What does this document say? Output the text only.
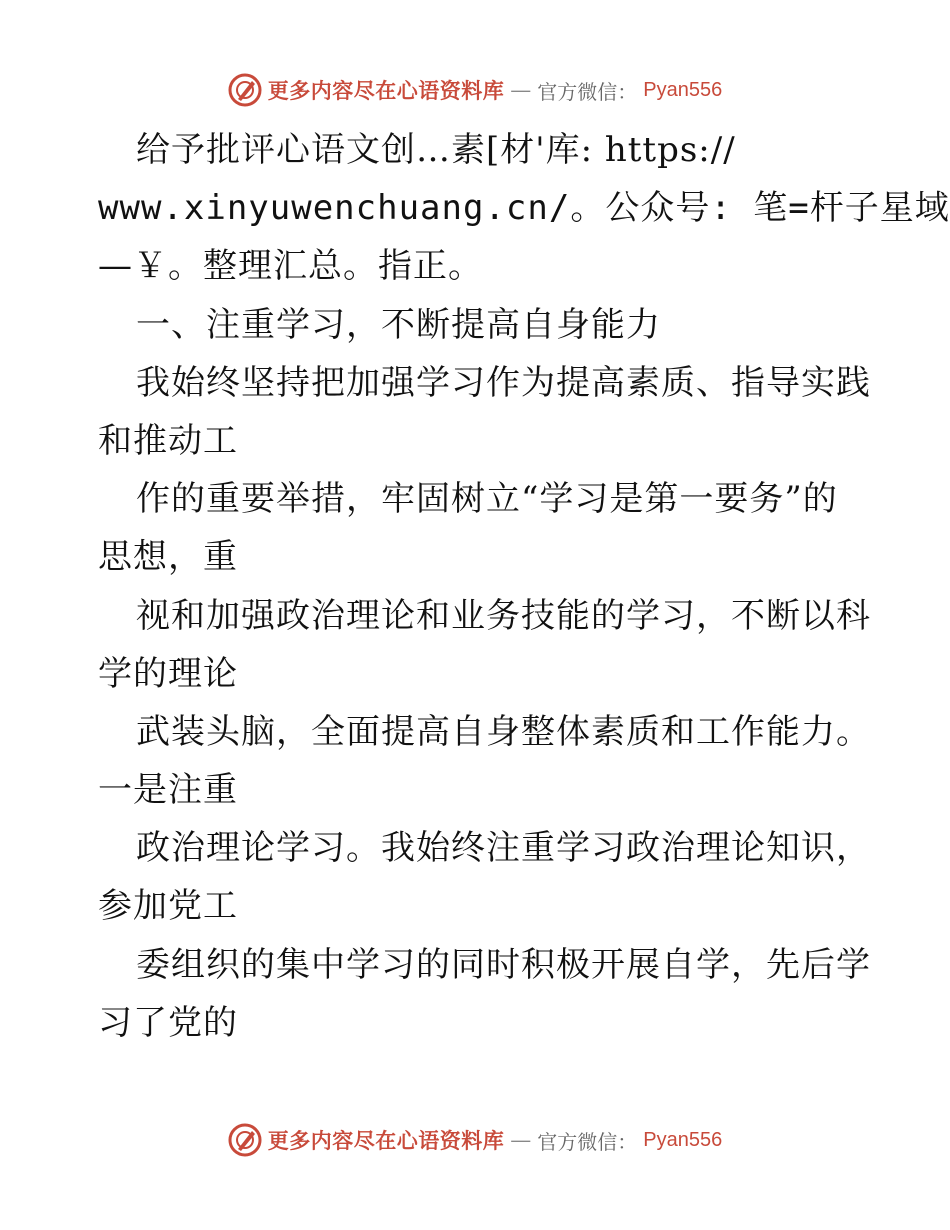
更多内容尽在心语资料库 — 官方微信： Pyan556
给予批评心语文创…素[材'库: https://
www.xinyuwenchuang.cn/。公众号: 笔=杆子星域
—￥。整理汇总。指正。
一、注重学习，不断提高自身能力
我始终坚持把加强学习作为提高素质、指导实践
和推动工
作的重要举措，牢固树立“学习是第一要务”的
思想，重
视和加强政治理论和业务技能的学习，不断以科
学的理论
武装头脑，全面提高自身整体素质和工作能力。
一是注重
政治理论学习。我始终注重学习政治理论知识，
参加党工
委组织的集中学习的同时积极开展自学，先后学
习了党的
更多内容尽在心语资料库 — 官方微信： Pyan556
